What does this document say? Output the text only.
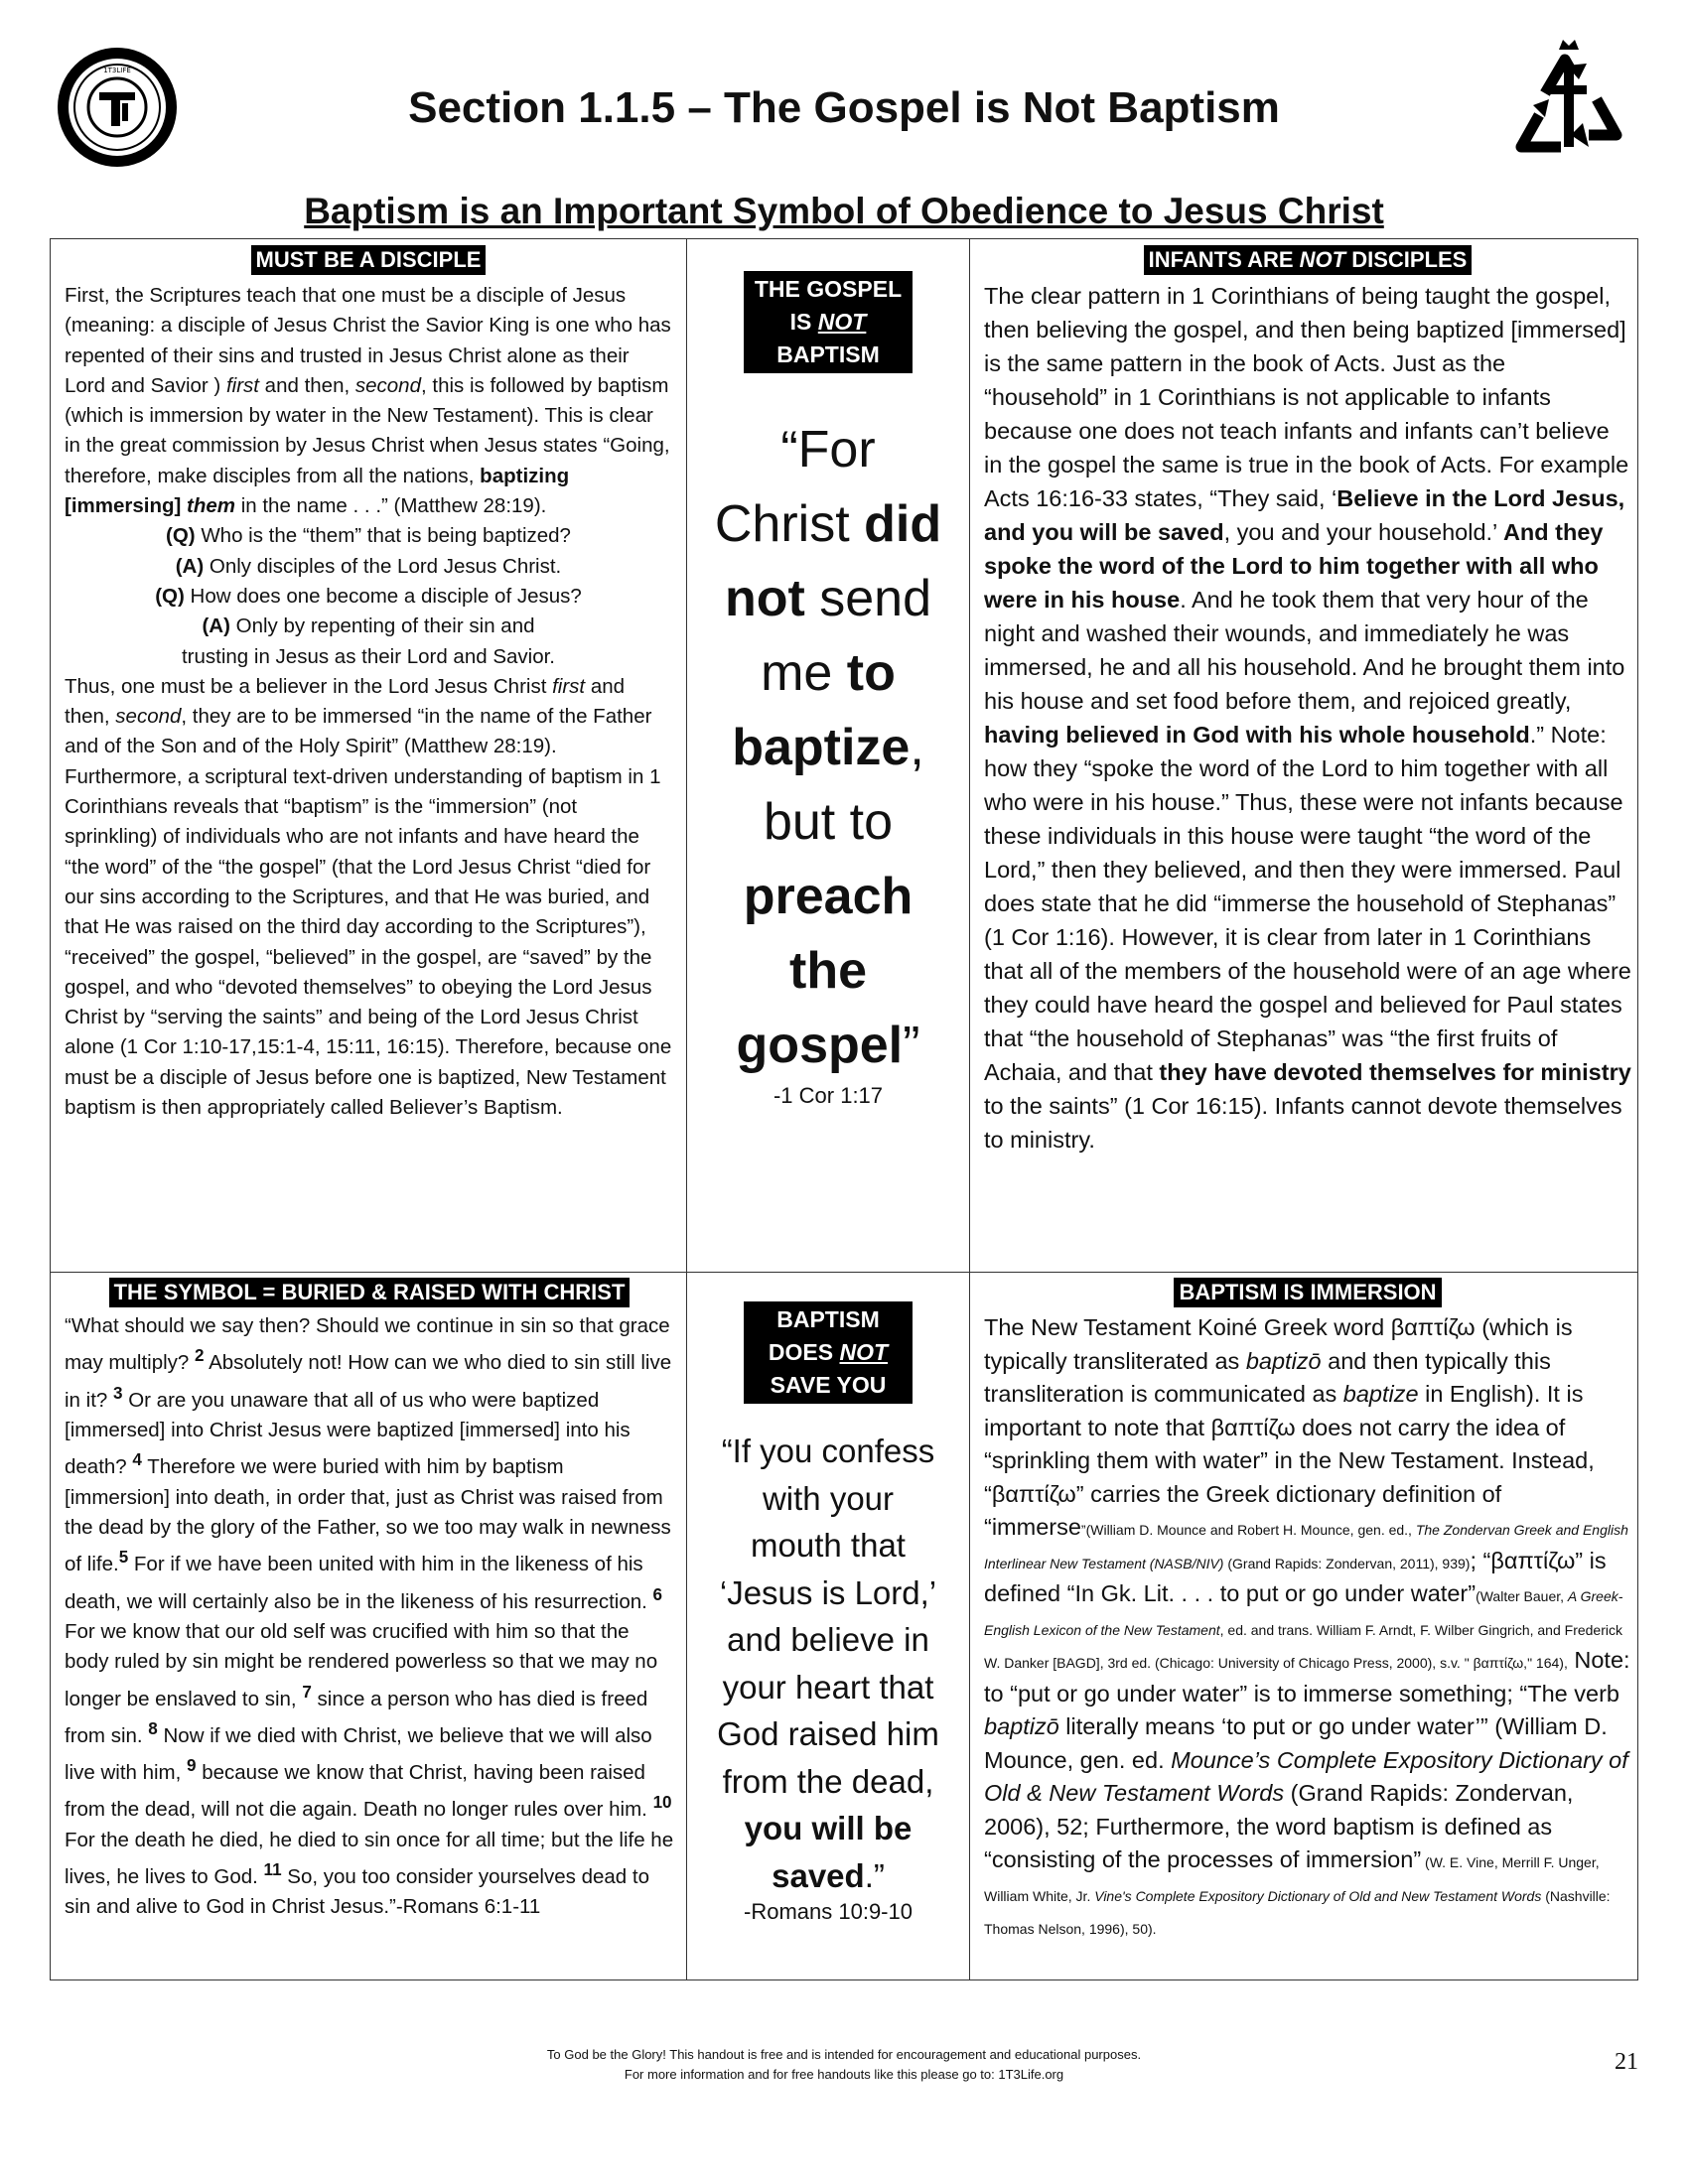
1T3LIFE
Section 1.1.5 – The Gospel is Not Baptism
Baptism is an Important Symbol of Obedience to Jesus Christ
MUST BE A DISCIPLE

First, the Scriptures teach that one must be a disciple of Jesus (meaning: a disciple of Jesus Christ the Savior King is one who has repented of their sins and trusted in Jesus Christ alone as their Lord and Savior ) first and then, second, this is followed by baptism (which is immersion by water in the New Testament). This is clear in the great commission by Jesus Christ when Jesus states “Going, therefore, make disciples from all the nations, baptizing [immersing] them in the name . . .” (Matthew 28:19).

(Q) Who is the “them” that is being baptized?

(A) Only disciples of the Lord Jesus Christ.

(Q) How does one become a disciple of Jesus?

(A) Only by repenting of their sin and

trusting in Jesus as their Lord and Savior.

Thus, one must be a believer in the Lord Jesus Christ first and then, second, they are to be immersed “in the name of the Father and of the Son and of the Holy Spirit” (Matthew 28:19). Furthermore, a scriptural text-driven understanding of baptism in 1 Corinthians reveals that “baptism” is the “immersion” (not sprinkling) of individuals who are not infants and have heard the “the word” of the “the gospel” (that the Lord Jesus Christ “died for our sins according to the Scriptures, and that He was buried, and that He was raised on the third day according to the Scriptures”), “received” the gospel, “believed” in the gospel, are “saved” by the gospel, and who “devoted themselves” to obeying the Lord Jesus Christ by “serving the saints” and being of the Lord Jesus Christ alone (1 Cor 1:10-17,15:1-4, 15:11, 16:15). Therefore, because one must be a disciple of Jesus before one is baptized, New Testament baptism is then appropriately called Believer’s Baptism.

THE GOSPEL
IS NOT
BAPTISM
“For
Christ did
not send
me to
baptize,
but to
preach
the
gospel”
-1 Cor 1:17
INFANTS ARE NOT DISCIPLES

The clear pattern in 1 Corinthians of being taught the gospel, then believing the gospel, and then being baptized [immersed] is the same pattern in the book of Acts. Just as the “household” in 1 Corinthians is not applicable to infants because one does not teach infants and infants can’t believe in the gospel the same is true in the book of Acts. For example Acts 16:16-33 states, “They said, ‘Believe in the Lord Jesus, and you will be saved, you and your household.’ And they spoke the word of the Lord to him together with all who were in his house. And he took them that very hour of the night and washed their wounds, and immediately he was immersed, he and all his household. And he brought them into his house and set food before them, and rejoiced greatly, having believed in God with his whole household.” Note: how they “spoke the word of the Lord to him together with all who were in his house.” Thus, these were not infants because these individuals in this house were taught “the word of the Lord,” then they believed, and then they were immersed. Paul does state that he did “immerse the household of Stephanas” (1 Cor 1:16). However, it is clear from later in 1 Corinthians that all of the members of the household were of an age where they could have heard the gospel and believed for Paul states that “the household of Stephanas” was “the first fruits of Achaia, and that they have devoted themselves for ministry to the saints” (1 Cor 16:15). Infants cannot devote themselves to ministry.

THE SYMBOL = BURIED & RAISED WITH CHRIST

“What should we say then? Should we continue in sin so that grace may multiply? $^2$ Absolutely not! How can we who died to sin still live in it? $^3$ Or are you unaware that all of us who were baptized [immersed] into Christ Jesus were baptized [immersed] into his death? $^4$ Therefore we were buried with him by baptism [immersion] into death, in order that, just as Christ was raised from the dead by the glory of the Father, so we too may walk in newness of life.$^5$ For if we have been united with him in the likeness of his death, we will certainly also be in the likeness of his resurrection. $^6$ For we know that our old self was crucified with him so that the body ruled by sin might be rendered powerless so that we may no longer be enslaved to sin, $^7$ since a person who has died is freed from sin. $^8$ Now if we died with Christ, we believe that we will also live with him, $^9$ because we know that Christ, having been raised from the dead, will not die again. Death no longer rules over him. $^{10}$ For the death he died, he died to sin once for all time; but the life he lives, he lives to God. $^{11}$ So, you too consider yourselves dead to sin and alive to God in Christ Jesus.”-Romans 6:1-11

BAPTISM
DOES NOT
SAVE YOU
“If you confess
with your
mouth that
‘Jesus is Lord,’
and believe in
your heart that
God raised him
from the dead,
you will be
saved.”
-Romans 10:9-10
BAPTISM IS IMMERSION

The New Testament Koiné Greek word βαπτίζω (which is typically transliterated as baptizō and then typically this transliteration is communicated as baptize in English). It is important to note that βαπτίζω does not carry the idea of “sprinkling them with water” in the New Testament. Instead, “βαπτίζω” carries the Greek dictionary definition of “immerse”(William D. Mounce and Robert H. Mounce, gen. ed., The Zondervan Greek and English Interlinear New Testament (NASB/NIV) (Grand Rapids: Zondervan, 2011), 939); “βαπτίζω” is defined “In Gk. Lit. . . . to put or go under water”(Walter Bauer, A Greek-English Lexicon of the New Testament, ed. and trans. William F. Arndt, F. Wilber Gingrich, and Frederick W. Danker [BAGD], 3rd ed. (Chicago: University of Chicago Press, 2000), s.v. " βαπτίζω," 164), Note: to “put or go under water” is to immerse something; “The verb baptizō literally means ‘to put or go under water’” (William D. Mounce, gen. ed. Mounce’s Complete Expository Dictionary of Old & New Testament Words (Grand Rapids: Zondervan, 2006), 52; Furthermore, the word baptism is defined as “consisting of the processes of immersion” (W. E. Vine, Merrill F. Unger, William White, Jr. Vine's Complete Expository Dictionary of Old and New Testament Words (Nashville: Thomas Nelson, 1996), 50).

To God be the Glory! This handout is free and is intended for encouragement and educational purposes.
For more information and for free handouts like this please go to: 1T3Life.org	21
